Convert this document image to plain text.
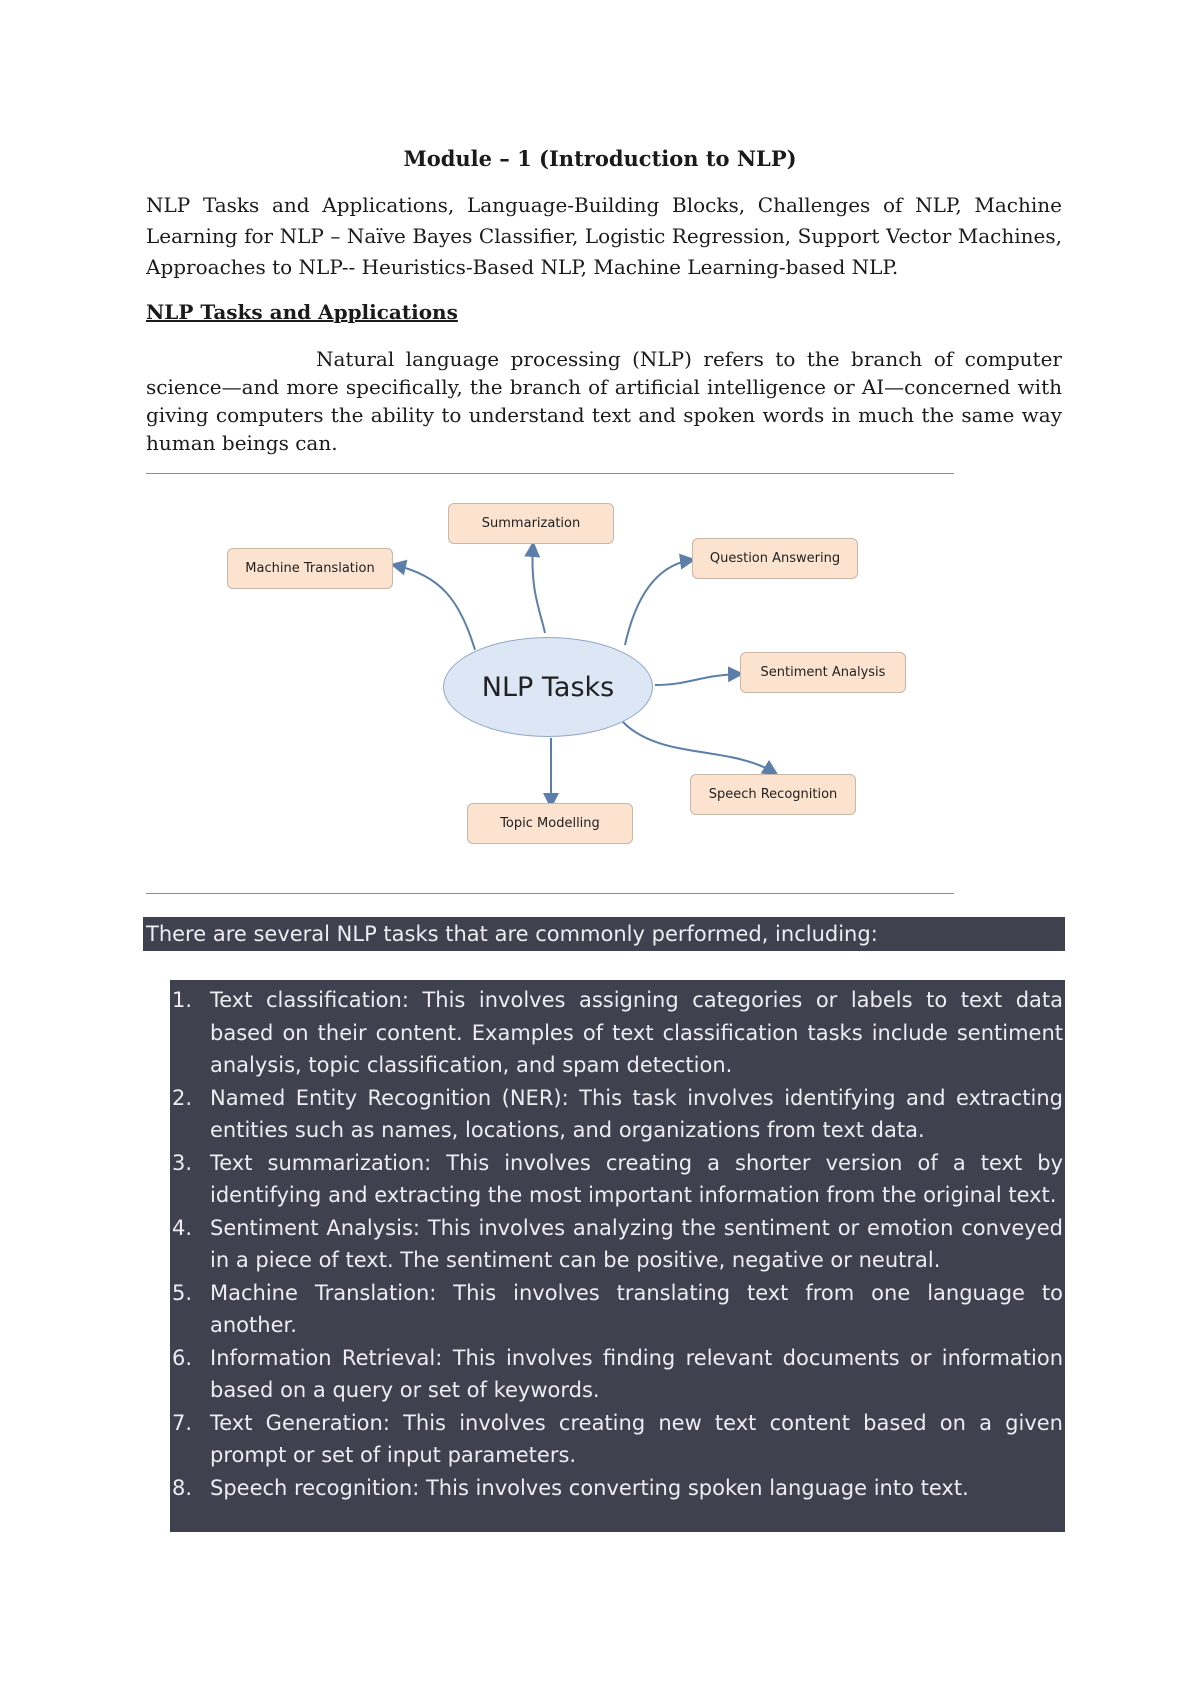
Module – 1 (Introduction to NLP)
NLP Tasks and Applications, Language-Building Blocks, Challenges of NLP, Machine Learning for NLP – Naïve Bayes Classifier, Logistic Regression, Support Vector Machines, Approaches to NLP-- Heuristics-Based NLP, Machine Learning-based NLP.
NLP Tasks and Applications
Natural language processing (NLP) refers to the branch of computer science—and more specifically, the branch of artificial intelligence or AI—concerned with giving computers the ability to understand text and spoken words in much the same way human beings can.
Summarization
Machine Translation
Question Answering
Sentiment Analysis
Speech Recognition
Topic Modelling
NLP Tasks
There are several NLP tasks that are commonly performed, including:
1. Text classification: This involves assigning categories or labels to text data based on their content. Examples of text classification tasks include sentiment analysis, topic classification, and spam detection.
2. Named Entity Recognition (NER): This task involves identifying and extracting entities such as names, locations, and organizations from text data.
3. Text summarization: This involves creating a shorter version of a text by identifying and extracting the most important information from the original text.
4. Sentiment Analysis: This involves analyzing the sentiment or emotion conveyed in a piece of text. The sentiment can be positive, negative or neutral.
5. Machine Translation: This involves translating text from one language to another.
6. Information Retrieval: This involves finding relevant documents or information based on a query or set of keywords.
7. Text Generation: This involves creating new text content based on a given prompt or set of input parameters.
8. Speech recognition: This involves converting spoken language into text.
